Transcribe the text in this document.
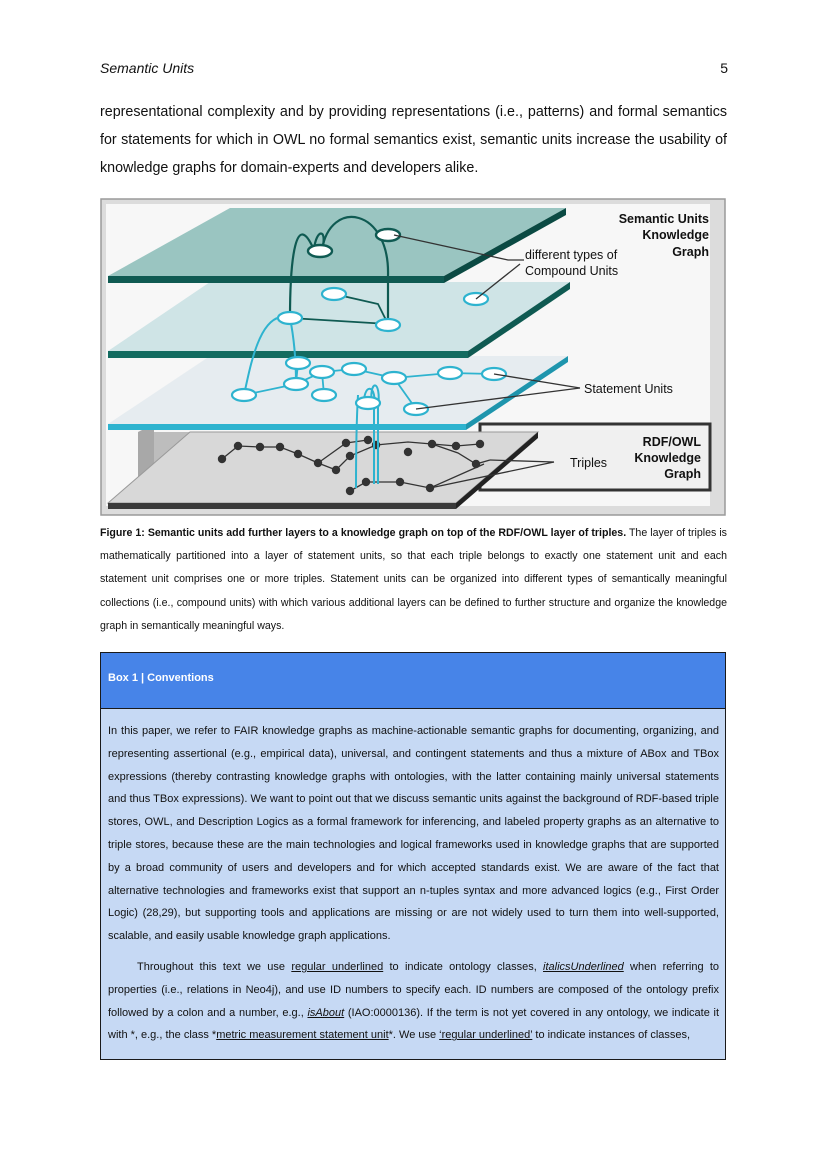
Semantic Units	5
representational complexity and by providing representations (i.e., patterns) and formal semantics for statements for which in OWL no formal semantics exist, semantic units increase the usability of knowledge graphs for domain-experts and developers alike.
Semantic Units
Knowledge
Graph
different types of
Compound Units
Statement Units
Triples
RDF/OWL
Knowledge
Graph
Figure 1: Semantic units add further layers to a knowledge graph on top of the RDF/OWL layer of triples. The layer of triples is mathematically partitioned into a layer of statement units, so that each triple belongs to exactly one statement unit and each statement unit comprises one or more triples. Statement units can be organized into different types of semantically meaningful collections (i.e., compound units) with which various additional layers can be defined to further structure and organize the knowledge graph in semantically meaningful ways.
Box 1 | Conventions

In this paper, we refer to FAIR knowledge graphs as machine-actionable semantic graphs for documenting, organizing, and representing assertional (e.g., empirical data), universal, and contingent statements and thus a mixture of ABox and TBox expressions (thereby contrasting knowledge graphs with ontologies, with the latter containing mainly universal statements and thus TBox expressions). We want to point out that we discuss semantic units against the background of RDF-based triple stores, OWL, and Description Logics as a formal framework for inferencing, and labeled property graphs as an alternative to triple stores, because these are the main technologies and logical frameworks used in knowledge graphs that are supported by a broad community of users and developers and for which accepted standards exist. We are aware of the fact that alternative technologies and frameworks exist that support an n-tuples syntax and more advanced logics (e.g., First Order Logic) (28,29), but supporting tools and applications are missing or are not widely used to turn them into well-supported, scalable, and easily usable knowledge graph applications.

Throughout this text we use regular underlined to indicate ontology classes, italicsUnderlined when referring to properties (i.e., relations in Neo4j), and use ID numbers to specify each. ID numbers are composed of the ontology prefix followed by a colon and a number, e.g., isAbout (IAO:0000136). If the term is not yet covered in any ontology, we indicate it with *, e.g., the class *metric measurement statement unit*. We use ‘regular underlined’ to indicate instances of classes,
